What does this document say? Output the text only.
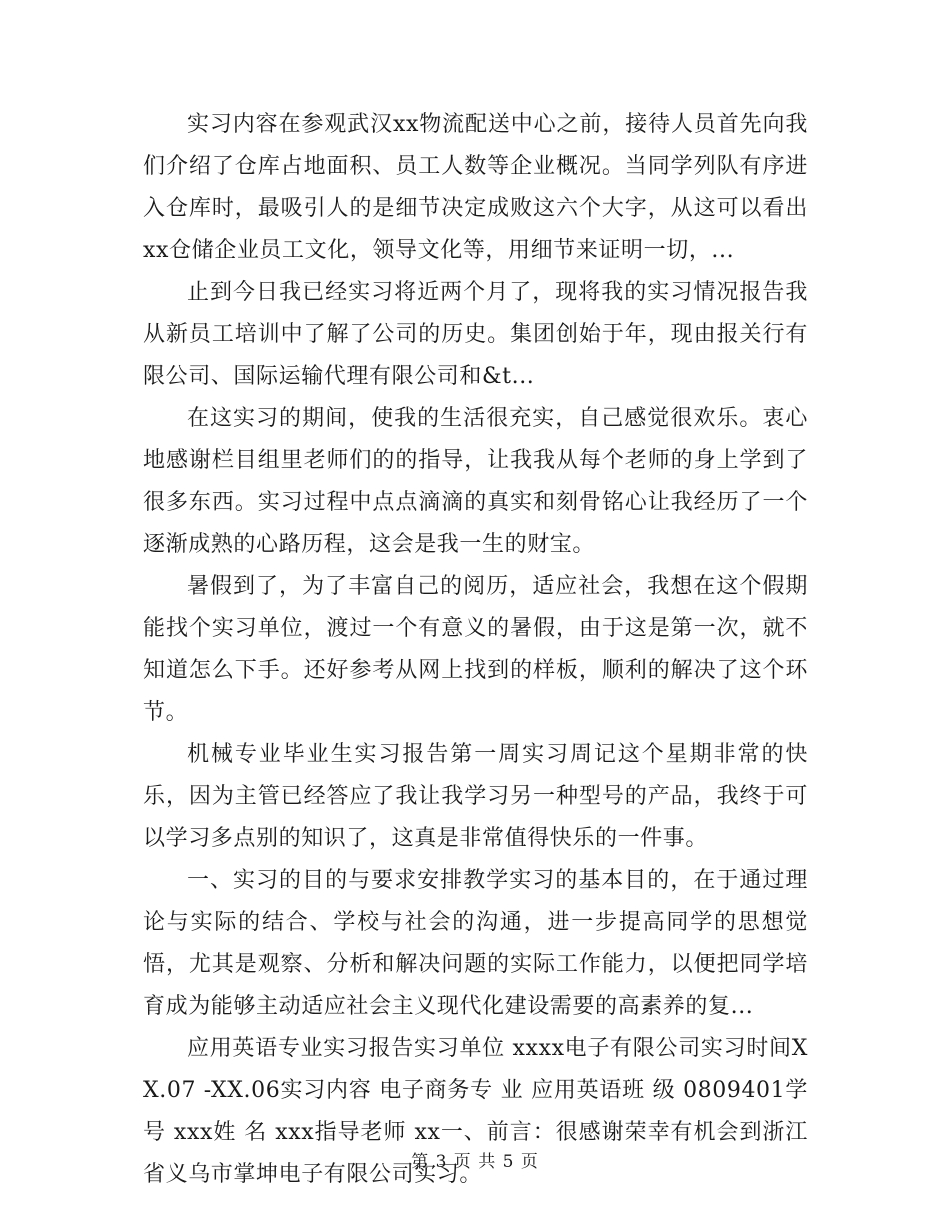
实习内容在参观武汉xx物流配送中心之前，接待人员首先向我们介绍了仓库占地面积、员工人数等企业概况。当同学列队有序进入仓库时，最吸引人的是细节决定成败这六个大字，从这可以看出xx仓储企业员工文化，领导文化等，用细节来证明一切，...

止到今日我已经实习将近两个月了，现将我的实习情况报告我从新员工培训中了解了公司的历史。集团创始于年，现由报关行有限公司、国际运输代理有限公司和&t...

在这实习的期间，使我的生活很充实，自己感觉很欢乐。衷心地感谢栏目组里老师们的的指导，让我我从每个老师的身上学到了很多东西。实习过程中点点滴滴的真实和刻骨铭心让我经历了一个逐渐成熟的心路历程，这会是我一生的财宝。

暑假到了，为了丰富自己的阅历，适应社会，我想在这个假期能找个实习单位，渡过一个有意义的暑假，由于这是第一次，就不知道怎么下手。还好参考从网上找到的样板，顺利的解决了这个环节。

机械专业毕业生实习报告第一周实习周记这个星期非常的快乐，因为主管已经答应了我让我学习另一种型号的产品，我终于可以学习多点别的知识了，这真是非常值得快乐的一件事。

一、实习的目的与要求安排教学实习的基本目的，在于通过理论与实际的结合、学校与社会的沟通，进一步提高同学的思想觉悟，尤其是观察、分析和解决问题的实际工作能力，以便把同学培育成为能够主动适应社会主义现代化建设需要的高素养的复...

应用英语专业实习报告实习单位 xxxx电子有限公司实习时间XX.07 -XX.06实习内容 电子商务专 业 应用英语班 级 0809401学 号 xxx姓 名 xxx指导老师 xx一、前言：很感谢荣幸有机会到浙江省义乌市掌坤电子有限公司实习。

第 3 页 共 5 页
